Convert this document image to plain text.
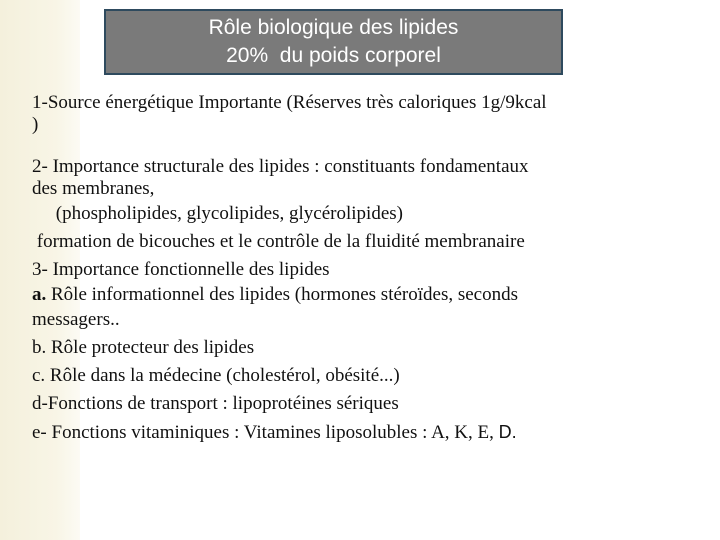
Rôle biologique des lipides
20%  du poids corporel
1-Source énergétique Importante (Réserves très caloriques 1g/9kcal
)
2- Importance structurale des lipides : constituants fondamentaux
des membranes,
(phospholipides, glycolipides, glycérolipides)
formation de bicouches et le contrôle de la fluidité membranaire
3- Importance fonctionnelle des lipides
a. Rôle informationnel des lipides (hormones stéroïdes, seconds
messagers..
b. Rôle protecteur des lipides
c. Rôle dans la médecine (cholestérol, obésité...)
d-Fonctions de transport : lipoprotéines sériques
e- Fonctions vitaminiques : Vitamines liposolubles : A, K, E, D.
